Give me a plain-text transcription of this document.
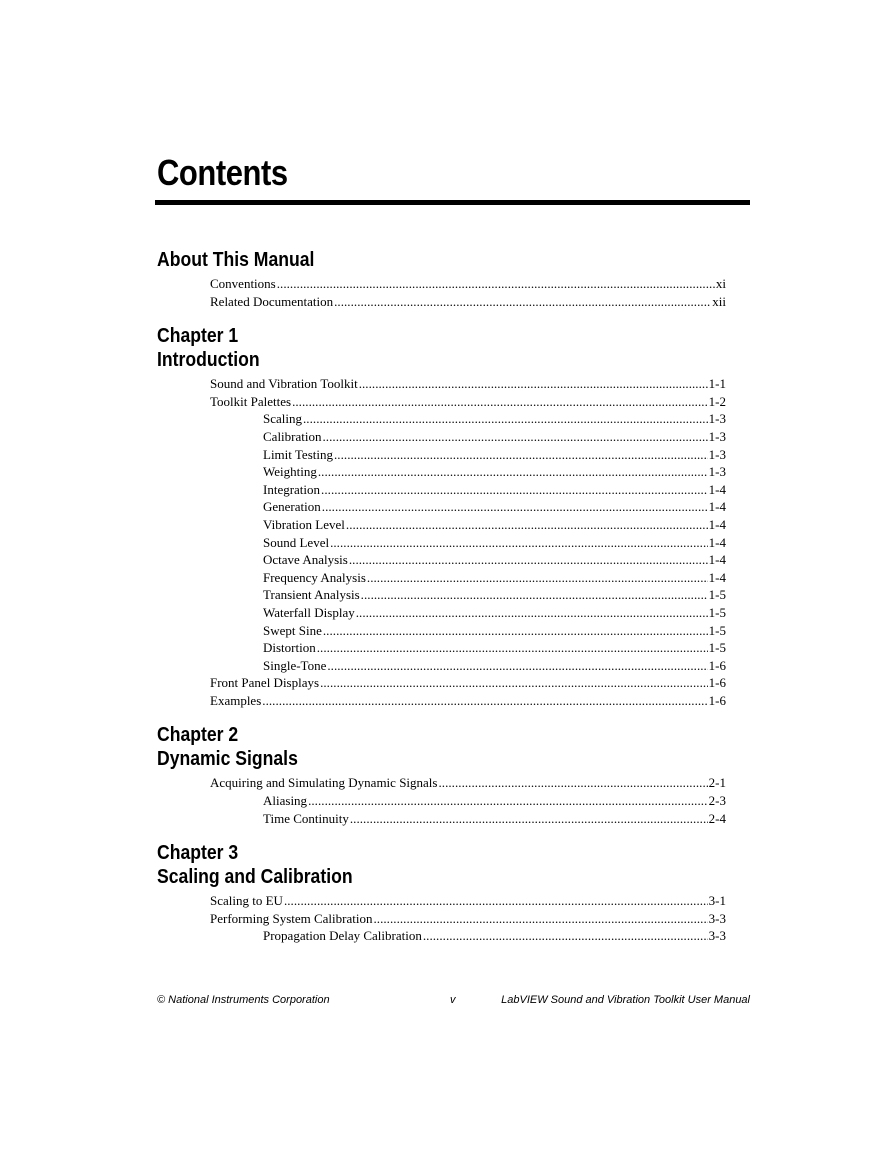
Contents
About This Manual
Conventions . . .	xi
Related Documentation . . .	xii
Chapter 1
Introduction
Sound and Vibration Toolkit . . .	1-1
Toolkit Palettes . . .	1-2
Scaling . . .	1-3
Calibration . . .	1-3
Limit Testing . . .	1-3
Weighting . . .	1-3
Integration . . .	1-4
Generation . . .	1-4
Vibration Level . . .	1-4
Sound Level . . .	1-4
Octave Analysis . . .	1-4
Frequency Analysis . . .	1-4
Transient Analysis . . .	1-5
Waterfall Display . . .	1-5
Swept Sine . . .	1-5
Distortion . . .	1-5
Single-Tone . . .	1-6
Front Panel Displays . . .	1-6
Examples . . .	1-6
Chapter 2
Dynamic Signals
Acquiring and Simulating Dynamic Signals . . .	2-1
Aliasing . . .	2-3
Time Continuity . . .	2-4
Chapter 3
Scaling and Calibration
Scaling to EU . . .	3-1
Performing System Calibration . . .	3-3
Propagation Delay Calibration . . .	3-3
© National Instruments Corporation	v	LabVIEW Sound and Vibration Toolkit User Manual
